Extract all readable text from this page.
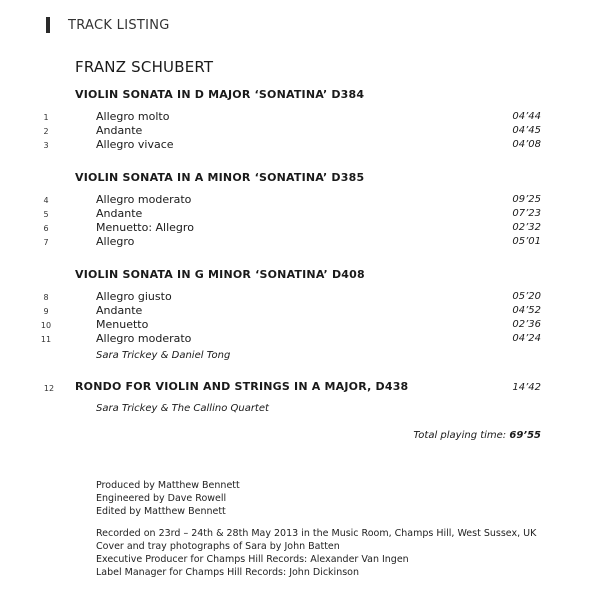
TRACK LISTING
FRANZ SCHUBERT
VIOLIN SONATA IN D MAJOR ‘SONATINA’ D384
1	Allegro molto	04’44
2	Andante	04’45
3	Allegro vivace	04’08
VIOLIN SONATA IN A MINOR ‘SONATINA’ D385
4	Allegro moderato	09’25
5	Andante	07’23
6	Menuetto: Allegro	02’32
7	Allegro	05’01
VIOLIN SONATA IN G MINOR ‘SONATINA’ D408
8	Allegro giusto	05’20
9	Andante	04’52
10	Menuetto	02’36
11	Allegro moderato	04’24
Sara Trickey & Daniel Tong
12	RONDO FOR VIOLIN AND STRINGS IN A MAJOR, D438	14’42
Sara Trickey & The Callino Quartet
Total playing time: 69’55
Produced by Matthew Bennett
Engineered by Dave Rowell
Edited by Matthew Bennett
Recorded on 23rd – 24th & 28th May 2013 in the Music Room, Champs Hill, West Sussex, UK
Cover and tray photographs of Sara by John Batten
Executive Producer for Champs Hill Records: Alexander Van Ingen
Label Manager for Champs Hill Records: John Dickinson
